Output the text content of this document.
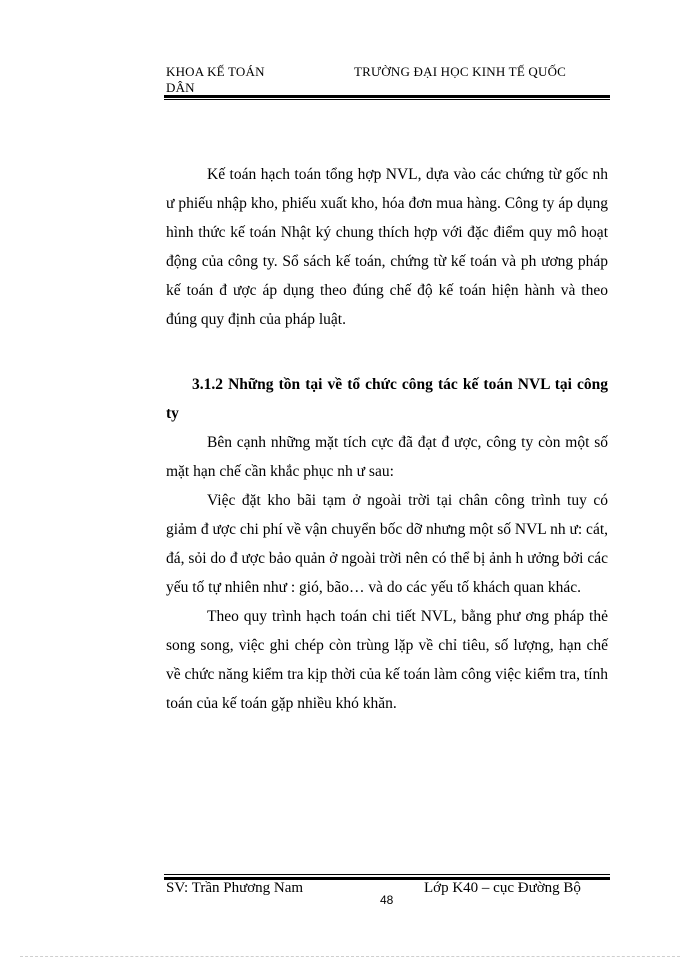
KHOA KẾ TOÁN	TRƯỜNG ĐẠI HỌC KINH TẾ QUỐC
DÂN

Kế toán hạch toán tổng hợp NVL, dựa vào các chứng từ gốc nh ư phiếu nhập kho, phiếu xuất kho, hóa đơn mua hàng. Công ty áp dụng hình thức kế toán Nhật ký chung thích hợp với đặc điểm quy mô hoạt động của công ty. Sổ sách kế toán, chứng từ kế toán và ph ương pháp kế toán đ ược áp dụng theo đúng chế độ kế toán hiện hành và theo đúng quy định của pháp luật.

3.1.2 Những tồn tại về tổ chức công tác kế toán NVL tại công ty

Bên cạnh những mặt tích cực đã đạt đ ược, công ty còn một số mặt hạn chế cần khắc phục nh ư sau:

Việc đặt kho bãi tạm ở ngoài trời tại chân công trình tuy có giảm đ ược chi phí về vận chuyển bốc dỡ nhưng một số NVL nh ư: cát, đá, sỏi do đ ược bảo quản ở ngoài trời nên có thể bị ảnh h ưởng bởi các yếu tố tự nhiên như : gió, bão… và do các yếu tố khách quan khác.

Theo quy trình hạch toán chi tiết NVL, bằng phư ơng pháp thẻ song song, việc ghi chép còn trùng lặp về chỉ tiêu, số lượng, hạn chế về chức năng kiểm tra kịp thời của kế toán làm công việc kiểm tra, tính toán của kế toán gặp nhiều khó khăn.

SV: Trần Phương Nam	Lớp K40 – cục Đường Bộ
48
